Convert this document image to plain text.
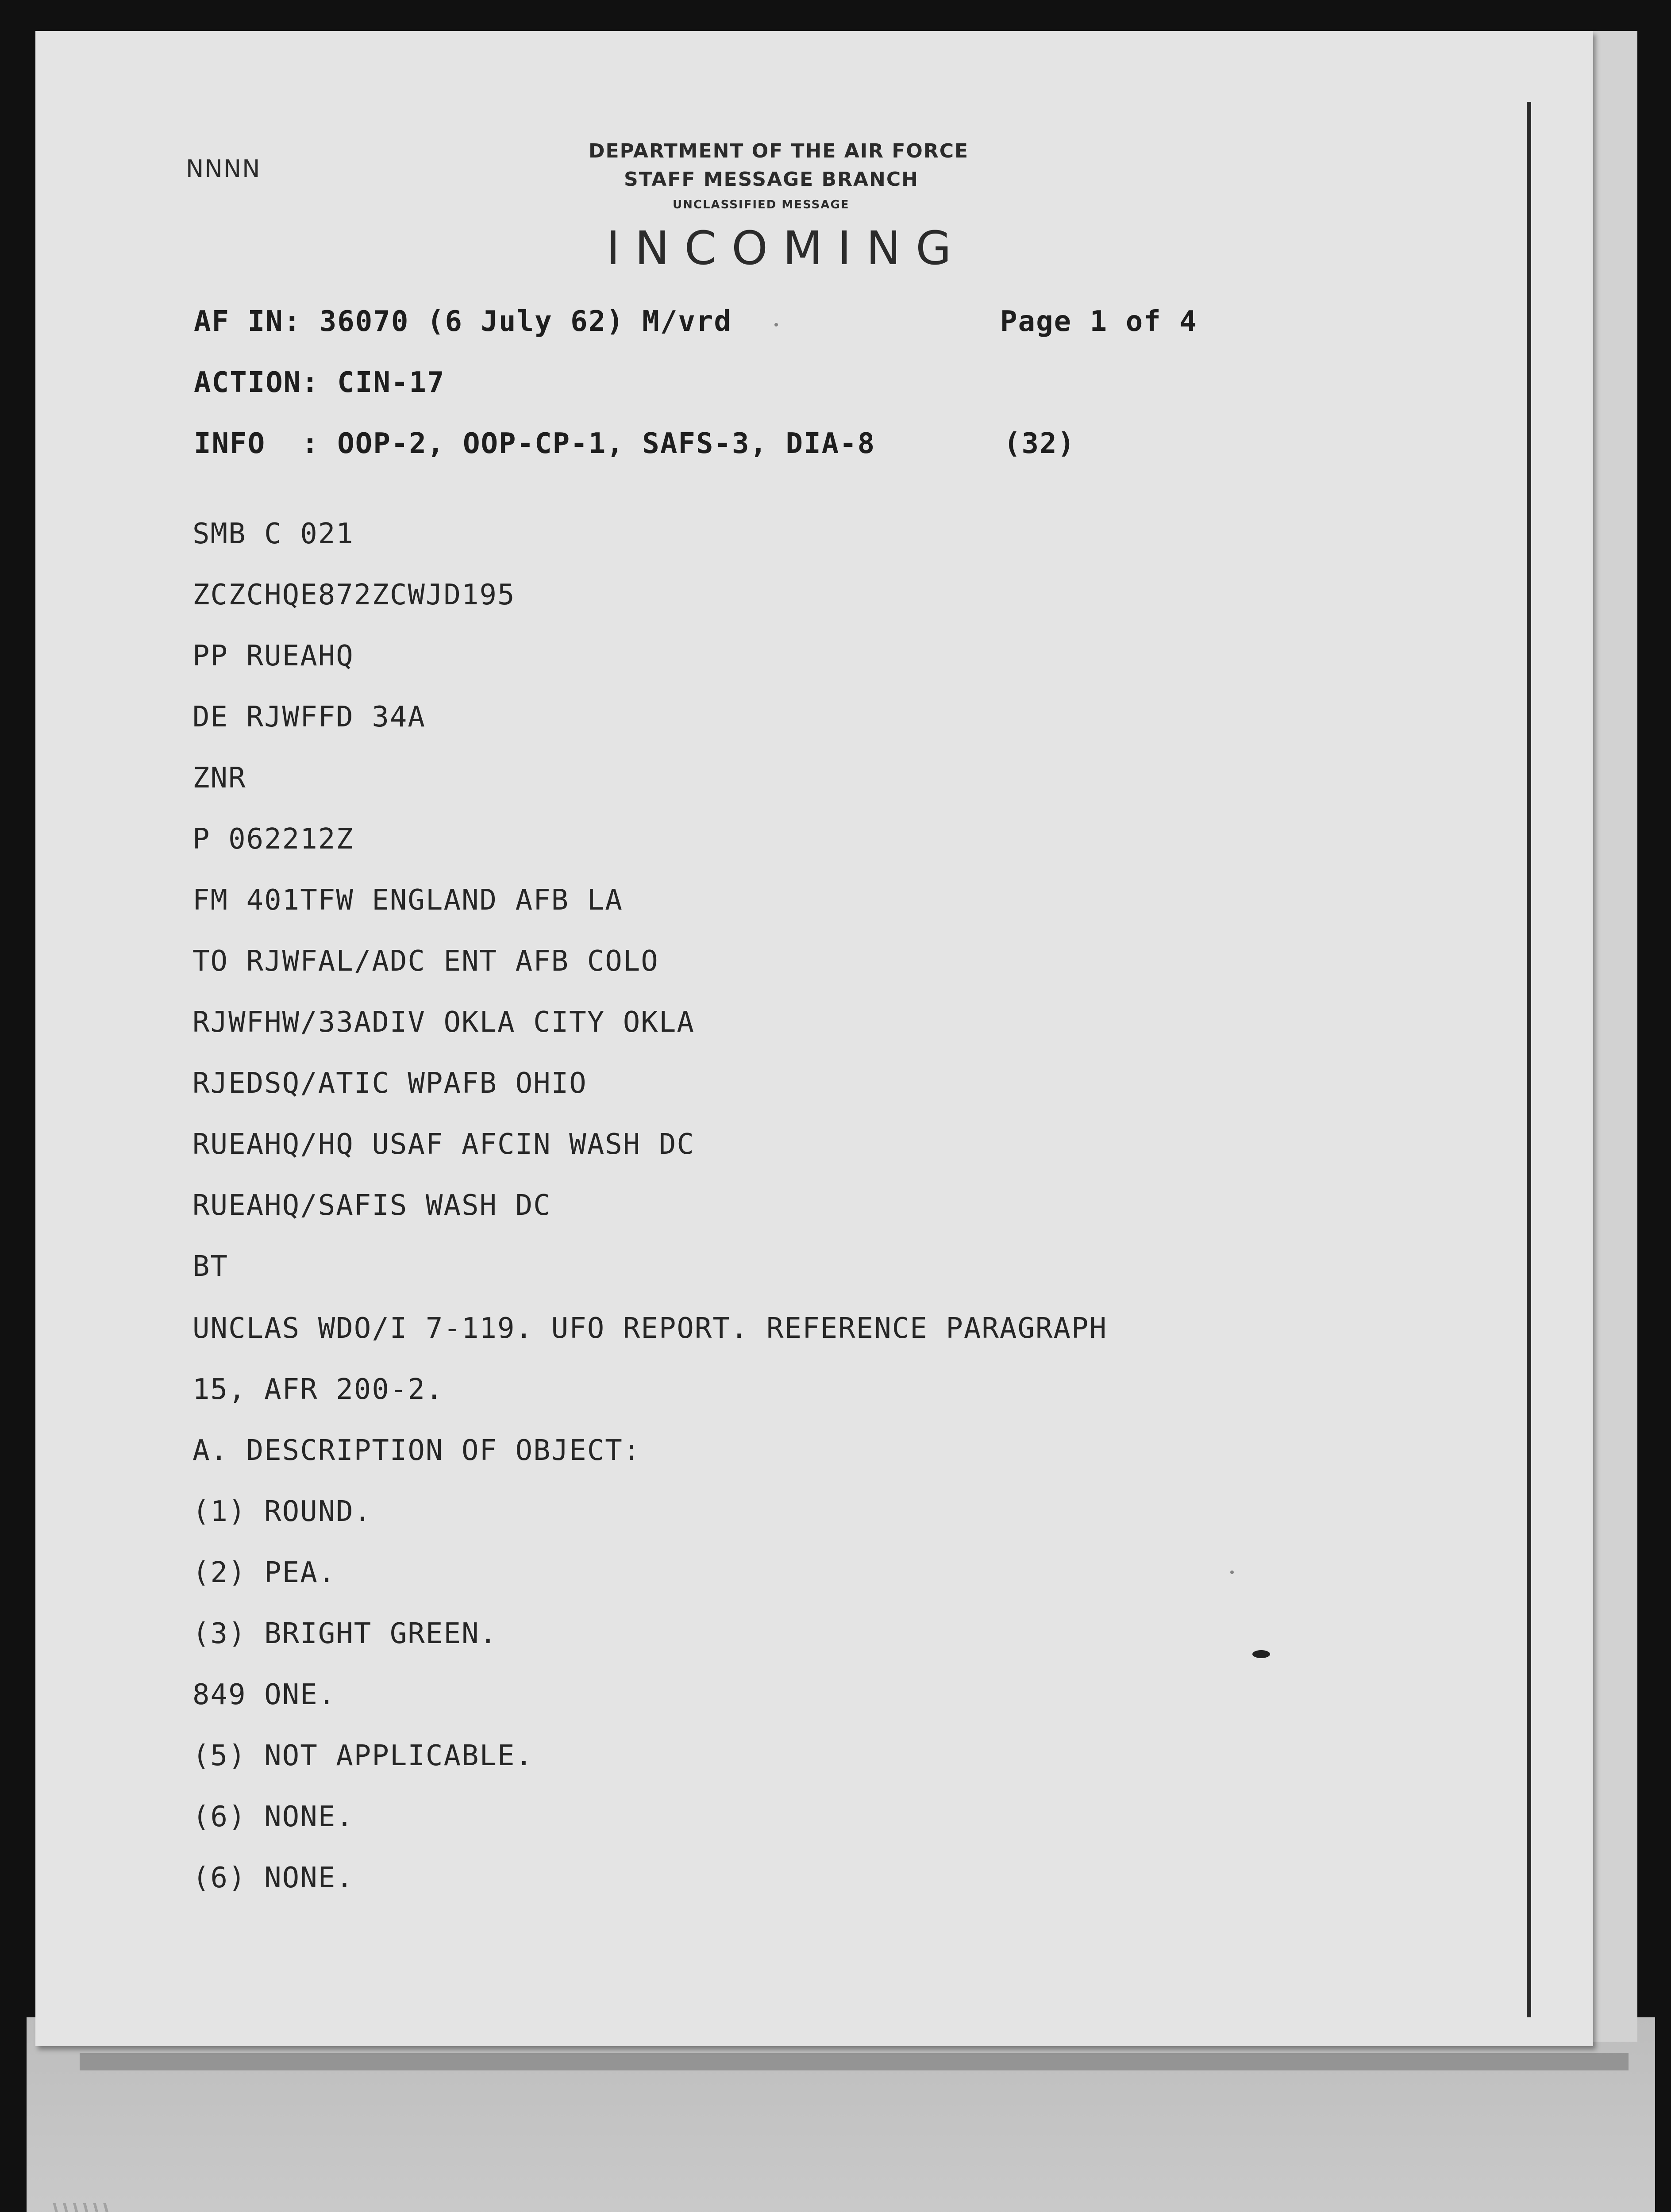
NNNN
DEPARTMENT OF THE AIR FORCE
STAFF MESSAGE BRANCH
UNCLASSIFIED MESSAGE
INCOMING
AF IN: 36070 (6 July 62) M/vrd	Page 1 of 4
ACTION: CIN-17
INFO  : OOP-2, OOP-CP-1, SAFS-3, DIA-8	(32)
SMB C 021
ZCZCHQE872ZCWJD195
PP RUEAHQ
DE RJWFFD 34A
ZNR
P 062212Z
FM 401TFW ENGLAND AFB LA
TO RJWFAL/ADC ENT AFB COLO
RJWFHW/33ADIV OKLA CITY OKLA
RJEDSQ/ATIC WPAFB OHIO
RUEAHQ/HQ USAF AFCIN WASH DC
RUEAHQ/SAFIS WASH DC
BT
UNCLAS WDO/I 7-119. UFO REPORT. REFERENCE PARAGRAPH
15, AFR 200-2.
A. DESCRIPTION OF OBJECT:
(1) ROUND.
(2) PEA.
(3) BRIGHT GREEN.
849 ONE.
(5) NOT APPLICABLE.
(6) NONE.
(6) NONE.
